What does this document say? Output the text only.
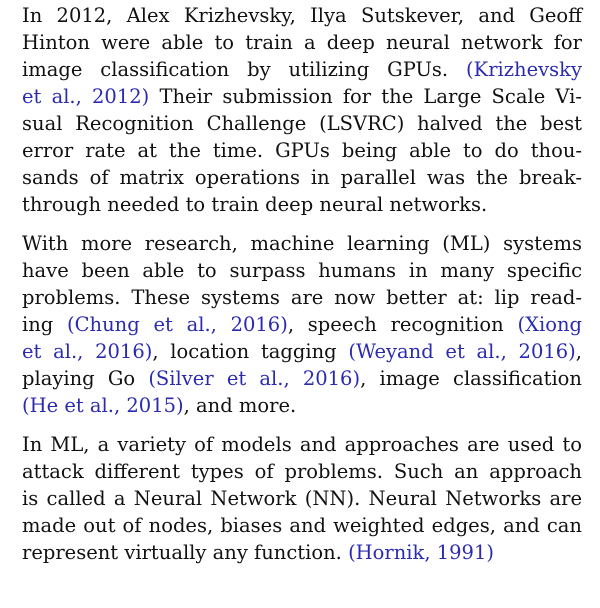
In 2012, Alex Krizhevsky, Ilya Sutskever, and Geoff
Hinton were able to train a deep neural network for
image classification by utilizing GPUs. (Krizhevsky
et al., 2012) Their submission for the Large Scale Vi-
sual Recognition Challenge (LSVRC) halved the best
error rate at the time. GPUs being able to do thou-
sands of matrix operations in parallel was the break-
through needed to train deep neural networks.

With more research, machine learning (ML) systems
have been able to surpass humans in many specific
problems. These systems are now better at: lip read-
ing (Chung et al., 2016), speech recognition (Xiong
et al., 2016), location tagging (Weyand et al., 2016),
playing Go (Silver et al., 2016), image classification
(He et al., 2015), and more.

In ML, a variety of models and approaches are used to
attack different types of problems. Such an approach
is called a Neural Network (NN). Neural Networks are
made out of nodes, biases and weighted edges, and can
represent virtually any function. (Hornik, 1991)
